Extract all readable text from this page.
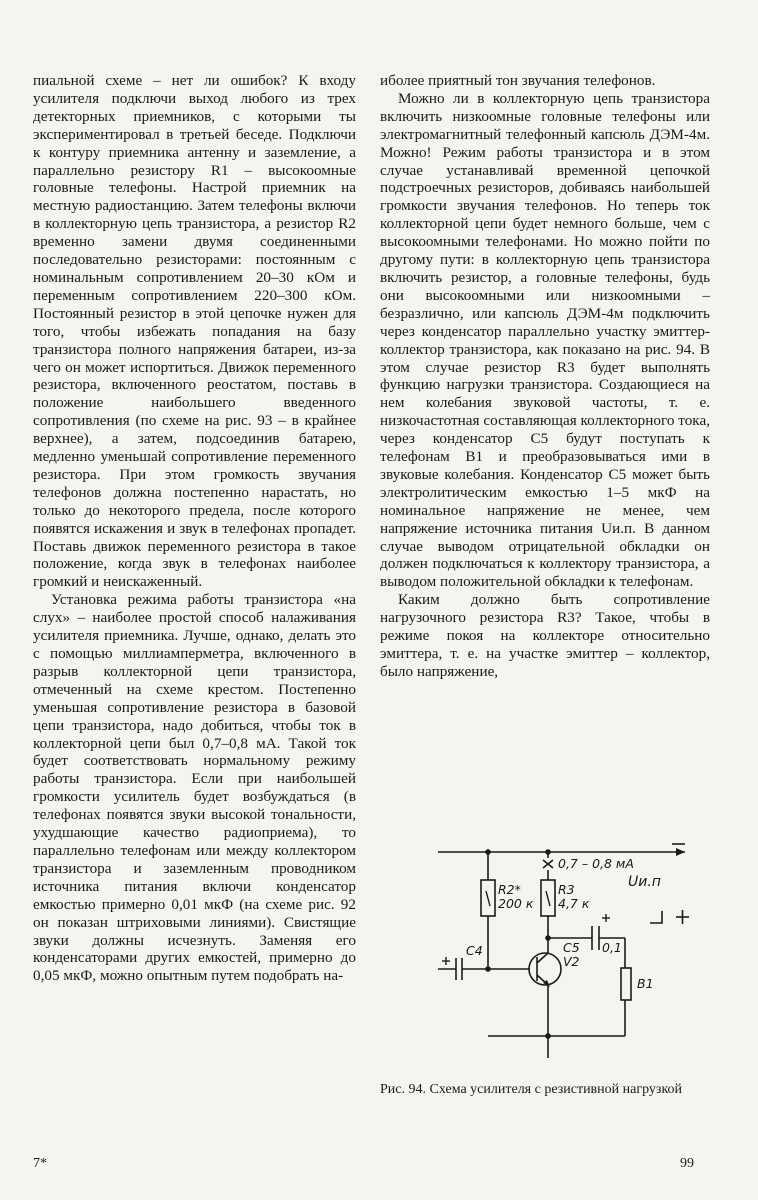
пиальной схеме – нет ли ошибок? К входу усилителя подключи выход любого из трех детекторных приемников, с которыми ты экспериментировал в третьей беседе. Подключи к контуру приемника антенну и заземление, а параллельно резистору R1 – высокоомные головные телефоны. Настрой приемник на местную радиостанцию. Затем телефоны включи в коллекторную цепь транзистора, а резистор R2 временно замени двумя соединенными последовательно резисторами: постоянным с номинальным сопротивлением 20–30 кОм и переменным сопротивлением 220–300 кОм. Постоянный резистор в этой цепочке нужен для того, чтобы избежать попадания на базу транзистора полного напряжения батареи, из-за чего он может испортиться. Движок переменного резистора, включенного реостатом, поставь в положение наибольшего введенного сопротивления (по схеме на рис. 93 – в крайнее верхнее), а затем, подсоединив батарею, медленно уменьшай сопротивление переменного резистора. При этом громкость звучания телефонов должна постепенно нарастать, но только до некоторого предела, после которого появятся искажения и звук в телефонах пропадет. Поставь движок переменного резистора в такое положение, когда звук в телефонах наиболее громкий и неискаженный.

Установка режима работы транзистора «на слух» – наиболее простой способ налаживания усилителя приемника. Лучше, однако, делать это с помощью миллиамперметра, включенного в разрыв коллекторной цепи транзистора, отмеченный на схеме крестом. Постепенно уменьшая сопротивление резистора в базовой цепи транзистора, надо добиться, чтобы ток в коллекторной цепи был 0,7–0,8 мА. Такой ток будет соответствовать нормальному режиму работы транзистора. Если при наибольшей громкости усилитель будет возбуждаться (в телефонах появятся звуки высокой тональности, ухудшающие качество радиоприема), то параллельно телефонам или между коллектором транзистора и заземленным проводником источника питания включи конденсатор емкостью примерно 0,01 мкФ (на схеме рис. 92 он показан штриховыми линиями). Свистящие звуки должны исчезнуть. Заменяя его конденсаторами других емкостей, примерно до 0,05 мкФ, можно опытным путем подобрать на-

иболее приятный тон звучания телефонов.

Можно ли в коллекторную цепь транзистора включить низкоомные головные телефоны или электромагнитный телефонный капсюль ДЭМ-4м. Можно! Режим работы транзистора и в этом случае устанавливай временной цепочкой подстроечных резисторов, добиваясь наибольшей громкости звучания телефонов. Но теперь ток коллекторной цепи будет немного больше, чем с высокоомными телефонами. Но можно пойти по другому пути: в коллекторную цепь транзистора включить резистор, а головные телефоны, будь они высокоомными или низкоомными – безразлично, или капсюль ДЭМ-4м подключить через конденсатор параллельно участку эмиттер-коллектор транзистора, как показано на рис. 94. В этом случае резистор R3 будет выполнять функцию нагрузки транзистора. Создающиеся на нем колебания звуковой частоты, т. е. низкочастотная составляющая коллекторного тока, через конденсатор C5 будут поступать к телефонам B1 и преобразовываться ими в звуковые колебания. Конденсатор C5 может быть электролитическим емкостью 1–5 мкФ на номинальное напряжение не менее, чем напряжение источника питания Uи.п. В данном случае выводом отрицательной обкладки он должен подключаться к коллектору транзистора, а выводом положительной обкладки к телефонам.

Каким должно быть сопротивление нагрузочного резистора R3? Такое, чтобы в режиме покоя на коллекторе относительно эмиттера, т. е. на участке эмиттер – коллектор, было напряжение,

0,7 – 0,8 мА
Uи.п
R2*
200 к
R3
4,7 к
C5 0,1
C4
V2
B1
Рис. 94. Схема усилителя с резистивной нагрузкой
7*	99
